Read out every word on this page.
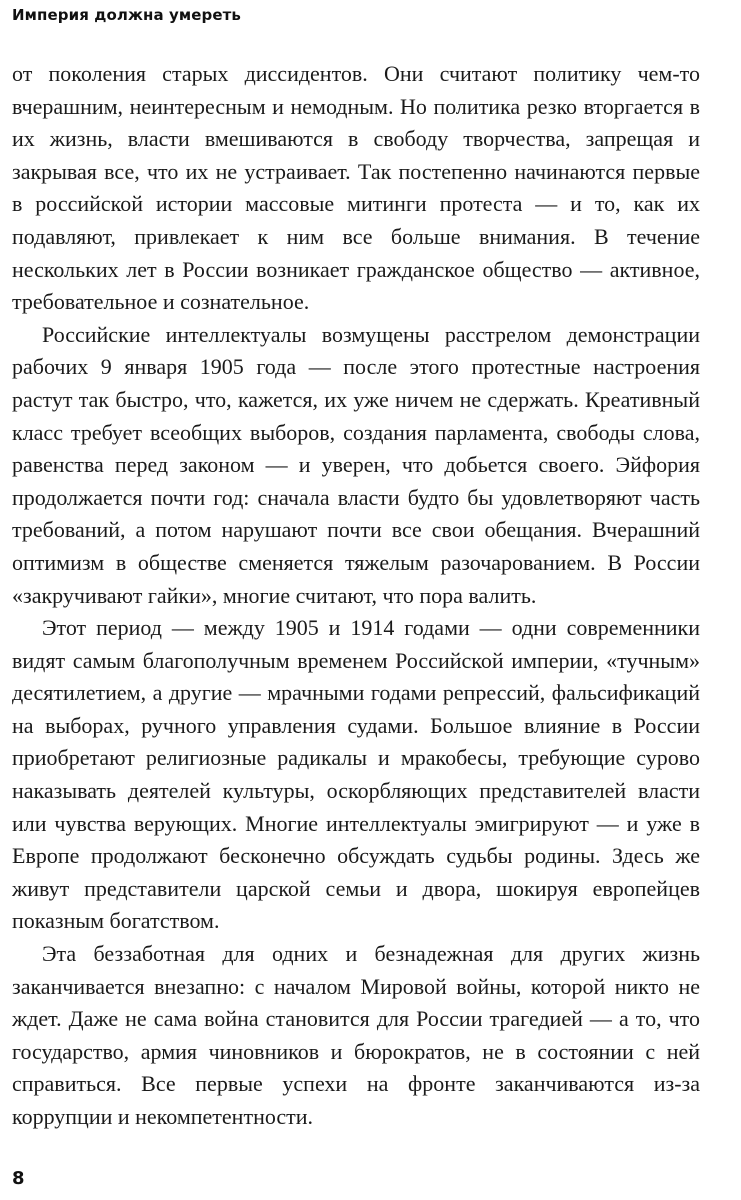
Империя должна умереть

от поколения старых диссидентов. Они считают политику чем-то вчерашним, неинтересным и немодным. Но политика резко вторгается в их жизнь, власти вмешиваются в свободу творчества, запрещая и закрывая все, что их не устраивает. Так постепенно начинаются первые в российской истории массовые митинги протеста — и то, как их подавляют, привлекает к ним все больше внимания. В течение нескольких лет в России возникает гражданское общество — активное, требовательное и сознательное.

Российские интеллектуалы возмущены расстрелом демонстрации рабочих 9 января 1905 года — после этого протестные настроения растут так быстро, что, кажется, их уже ничем не сдержать. Креативный класс требует всеобщих выборов, создания парламента, свободы слова, равенства перед законом — и уверен, что добьется своего. Эйфория продолжается почти год: сначала власти будто бы удовлетворяют часть требований, а потом нарушают почти все свои обещания. Вчерашний оптимизм в обществе сменяется тяжелым разочарованием. В России «закручивают гайки», многие считают, что пора валить.

Этот период — между 1905 и 1914 годами — одни современники видят самым благополучным временем Российской империи, «тучным» десятилетием, а другие — мрачными годами репрессий, фальсификаций на выборах, ручного управления судами. Большое влияние в России приобретают религиозные радикалы и мракобесы, требующие сурово наказывать деятелей культуры, оскорбляющих представителей власти или чувства верующих. Многие интеллектуалы эмигрируют — и уже в Европе продолжают бесконечно обсуждать судьбы родины. Здесь же живут представители царской семьи и двора, шокируя европейцев показным богатством.

Эта беззаботная для одних и безнадежная для других жизнь заканчивается внезапно: с началом Мировой войны, которой никто не ждет. Даже не сама война становится для России трагедией — а то, что государство, армия чиновников и бюрократов, не в состоянии с ней справиться. Все первые успехи на фронте заканчиваются из-за коррупции и некомпетентности.

8
